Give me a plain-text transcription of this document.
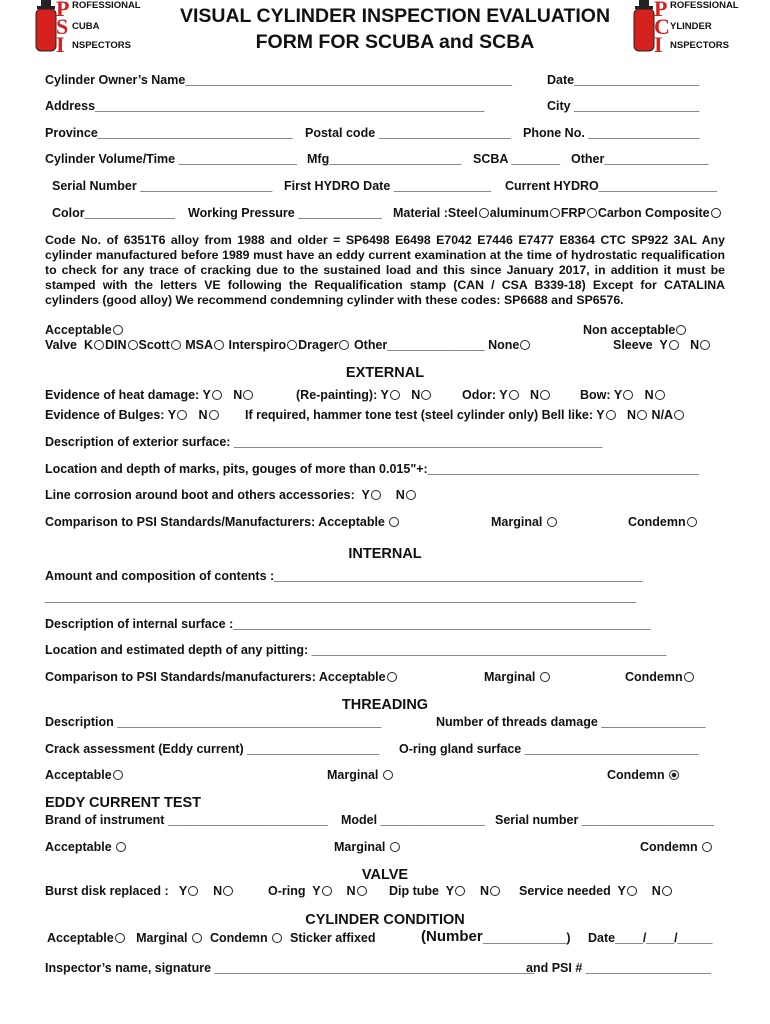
P
S
I
ROFESSIONAL
CUBA
NSPECTORS
P
C
I
ROFESSIONAL
YLINDER
NSPECTORS
VISUAL CYLINDER INSPECTION EVALUATION
FORM FOR SCUBA and SCBA
Cylinder Owner’s Name_______________________________________________	Date__________________
Address________________________________________________________	City __________________
Province____________________________ Postal code ___________________ Phone No. ________________
Cylinder Volume/Time _________________ Mfg___________________ SCBA _______ Other_______________
Serial Number ___________________ First HYDRO Date ______________ Current HYDRO_________________
Color_____________ Working Pressure ____________ Material :Steel aluminum FRP Carbon Composite
Code No. of 6351T6 alloy from 1988 and older = SP6498 E6498 E7042 E7446 E7477 E8364 CTC SP922 3AL Any cylinder manufactured before 1989 must have an eddy current examination at the time of hydrostatic requalification to check for any trace of cracking due to the sustained load and this since January 2017, in addition it must be stamped with the letters VE following the Requalification stamp (CAN / CSA B339-18) Except for CATALINA cylinders (good alloy) We recommend condemning cylinder with these codes: SP6688 and SP6576.
Acceptable	Non acceptable
Valve K DIN Scott MSA Interspiro Drager Other______________ None	Sleeve Y N
EXTERNAL
Evidence of heat damage: Y N	(Re-painting): Y N	Odor: Y N	Bow: Y N
Evidence of Bulges: Y N	If required, hammer tone test (steel cylinder only) Bell like: Y N N/A
Description of exterior surface: _____________________________________________________
Location and depth of marks, pits, gouges of more than 0.015"+:_______________________________________
Line corrosion around boot and others accessories: Y N
Comparison to PSI Standards/Manufacturers: Acceptable	Marginal	Condemn
INTERNAL
Amount and composition of contents :_____________________________________________________
_____________________________________________________________________________________
Description of internal surface :____________________________________________________________
Location and estimated depth of any pitting: ___________________________________________________
Comparison to PSI Standards/manufacturers: Acceptable	Marginal	Condemn
THREADING
Description ______________________________________	Number of threads damage _______________
Crack assessment (Eddy current) ___________________ O-ring gland surface _________________________
Acceptable	Marginal	Condemn
EDDY CURRENT TEST
Brand of instrument _______________________ Model _______________ Serial number ___________________
Acceptable	Marginal	Condemn
VALVE
Burst disk replaced : Y N	O-ring Y N	Dip tube Y N	Service needed Y N
CYLINDER CONDITION
Acceptable Marginal Condemn Sticker affixed	(Number ____________) Date____/____/_____
Inspector’s name, signature ______________________________________________
and PSI # __________________
